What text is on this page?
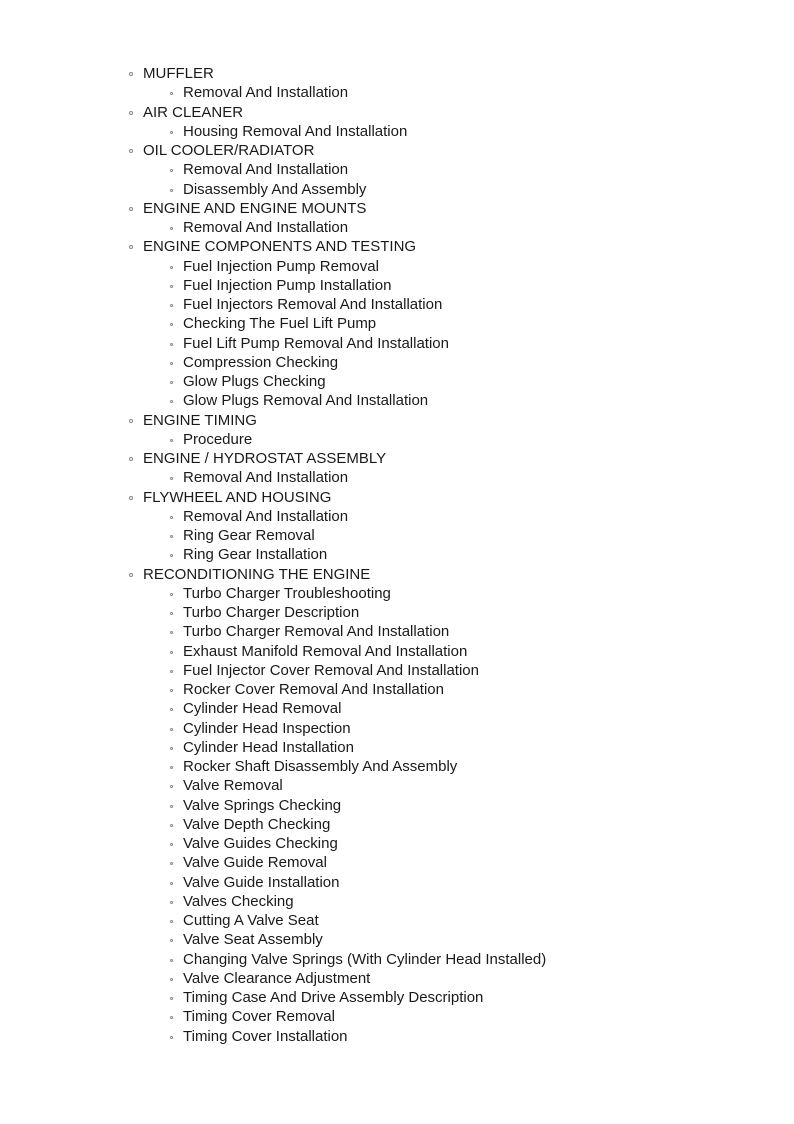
MUFFLER
Removal And Installation
AIR CLEANER
Housing Removal And Installation
OIL COOLER/RADIATOR
Removal And Installation
Disassembly And Assembly
ENGINE AND ENGINE MOUNTS
Removal And Installation
ENGINE COMPONENTS AND TESTING
Fuel Injection Pump Removal
Fuel Injection Pump Installation
Fuel Injectors Removal And Installation
Checking The Fuel Lift Pump
Fuel Lift Pump Removal And Installation
Compression Checking
Glow Plugs Checking
Glow Plugs Removal And Installation
ENGINE TIMING
Procedure
ENGINE / HYDROSTAT ASSEMBLY
Removal And Installation
FLYWHEEL AND HOUSING
Removal And Installation
Ring Gear Removal
Ring Gear Installation
RECONDITIONING THE ENGINE
Turbo Charger Troubleshooting
Turbo Charger Description
Turbo Charger Removal And Installation
Exhaust Manifold Removal And Installation
Fuel Injector Cover Removal And Installation
Rocker Cover Removal And Installation
Cylinder Head Removal
Cylinder Head Inspection
Cylinder Head Installation
Rocker Shaft Disassembly And Assembly
Valve Removal
Valve Springs Checking
Valve Depth Checking
Valve Guides Checking
Valve Guide Removal
Valve Guide Installation
Valves Checking
Cutting A Valve Seat
Valve Seat Assembly
Changing Valve Springs (With Cylinder Head Installed)
Valve Clearance Adjustment
Timing Case And Drive Assembly Description
Timing Cover Removal
Timing Cover Installation
